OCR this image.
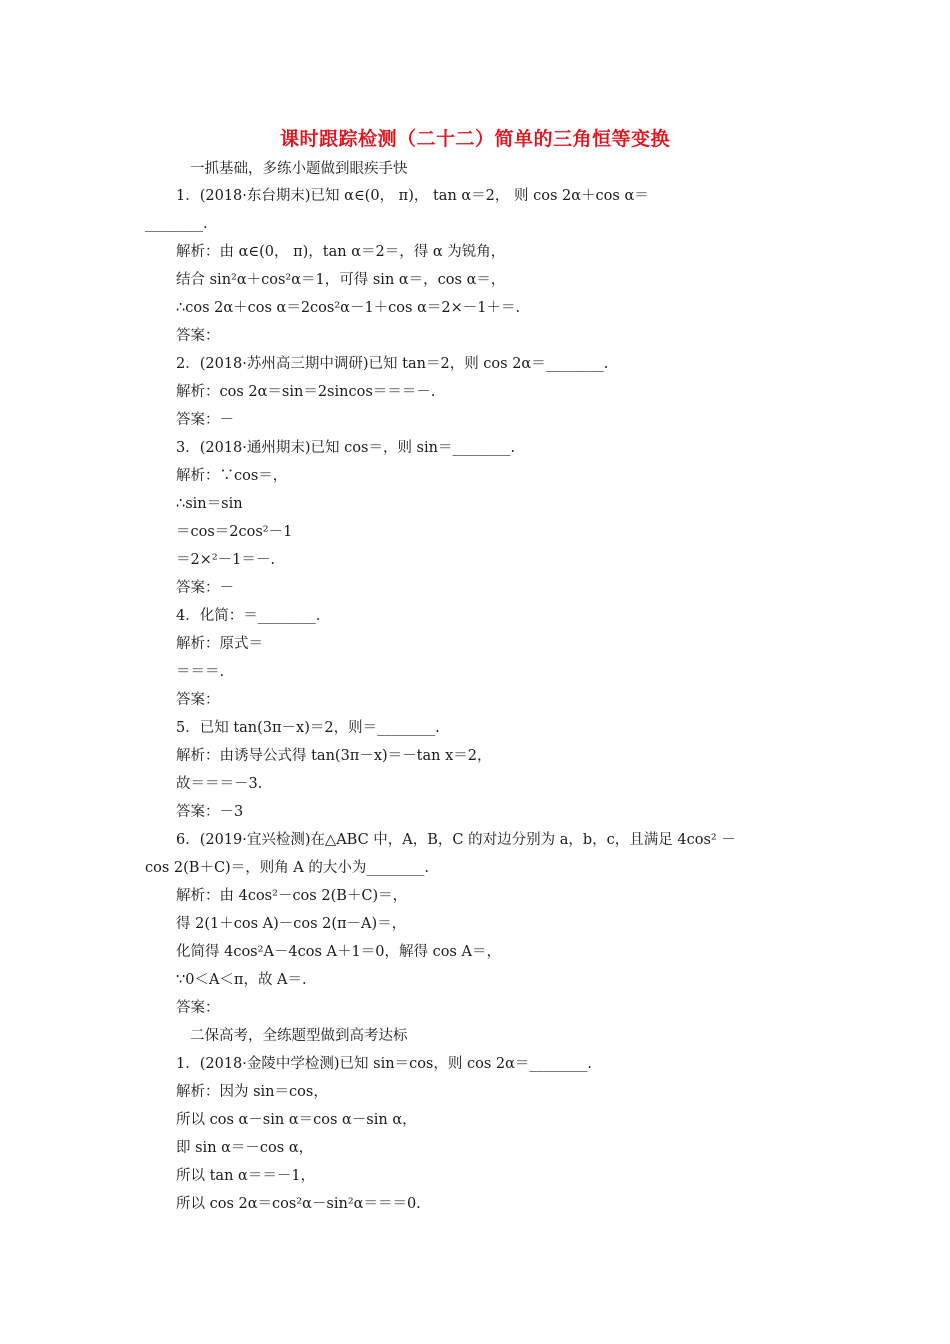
课时跟踪检测（二十二）简单的三角恒等变换
一抓基础，多练小题做到眼疾手快
1．(2018·东台期末)已知 α∈(0， π)， tan α＝2， 则 cos 2α＋cos α＝
________.
解析：由 α∈(0， π)，tan α＝2＝，得 α 为锐角，
结合 sin²α＋cos²α＝1，可得 sin α＝，cos α＝，
∴cos 2α＋cos α＝2cos²α－1＋cos α＝2×－1＋＝.
答案：
2．(2018·苏州高三期中调研)已知 tan＝2，则 cos 2α＝________.
解析：cos 2α＝sin＝2sincos＝＝＝－.
答案：－
3．(2018·通州期末)已知 cos＝，则 sin＝________.
解析：∵cos＝，
∴sin＝sin
＝cos＝2cos²－1
＝2×²－1＝－.
答案：－
4．化简：＝________.
解析：原式＝
＝＝＝.
答案：
5．已知 tan(3π－x)＝2，则＝________.
解析：由诱导公式得 tan(3π－x)＝－tan x＝2，
故＝＝＝－3.
答案：－3
6．(2019·宜兴检测)在△ABC 中，A，B，C 的对边分别为 a，b，c，且满足 4cos² －
cos 2(B＋C)＝，则角 A 的大小为________.
解析：由 4cos²－cos 2(B＋C)＝，
得 2(1＋cos A)－cos 2(π－A)＝，
化简得 4cos²A－4cos A＋1＝0，解得 cos A＝，
∵0＜A＜π，故 A＝.
答案：
二保高考，全练题型做到高考达标
1．(2018·金陵中学检测)已知 sin＝cos，则 cos 2α＝________.
解析：因为 sin＝cos，
所以 cos α－sin α＝cos α－sin α，
即 sin α＝－cos α，
所以 tan α＝＝－1，
所以 cos 2α＝cos²α－sin²α＝＝＝0.
